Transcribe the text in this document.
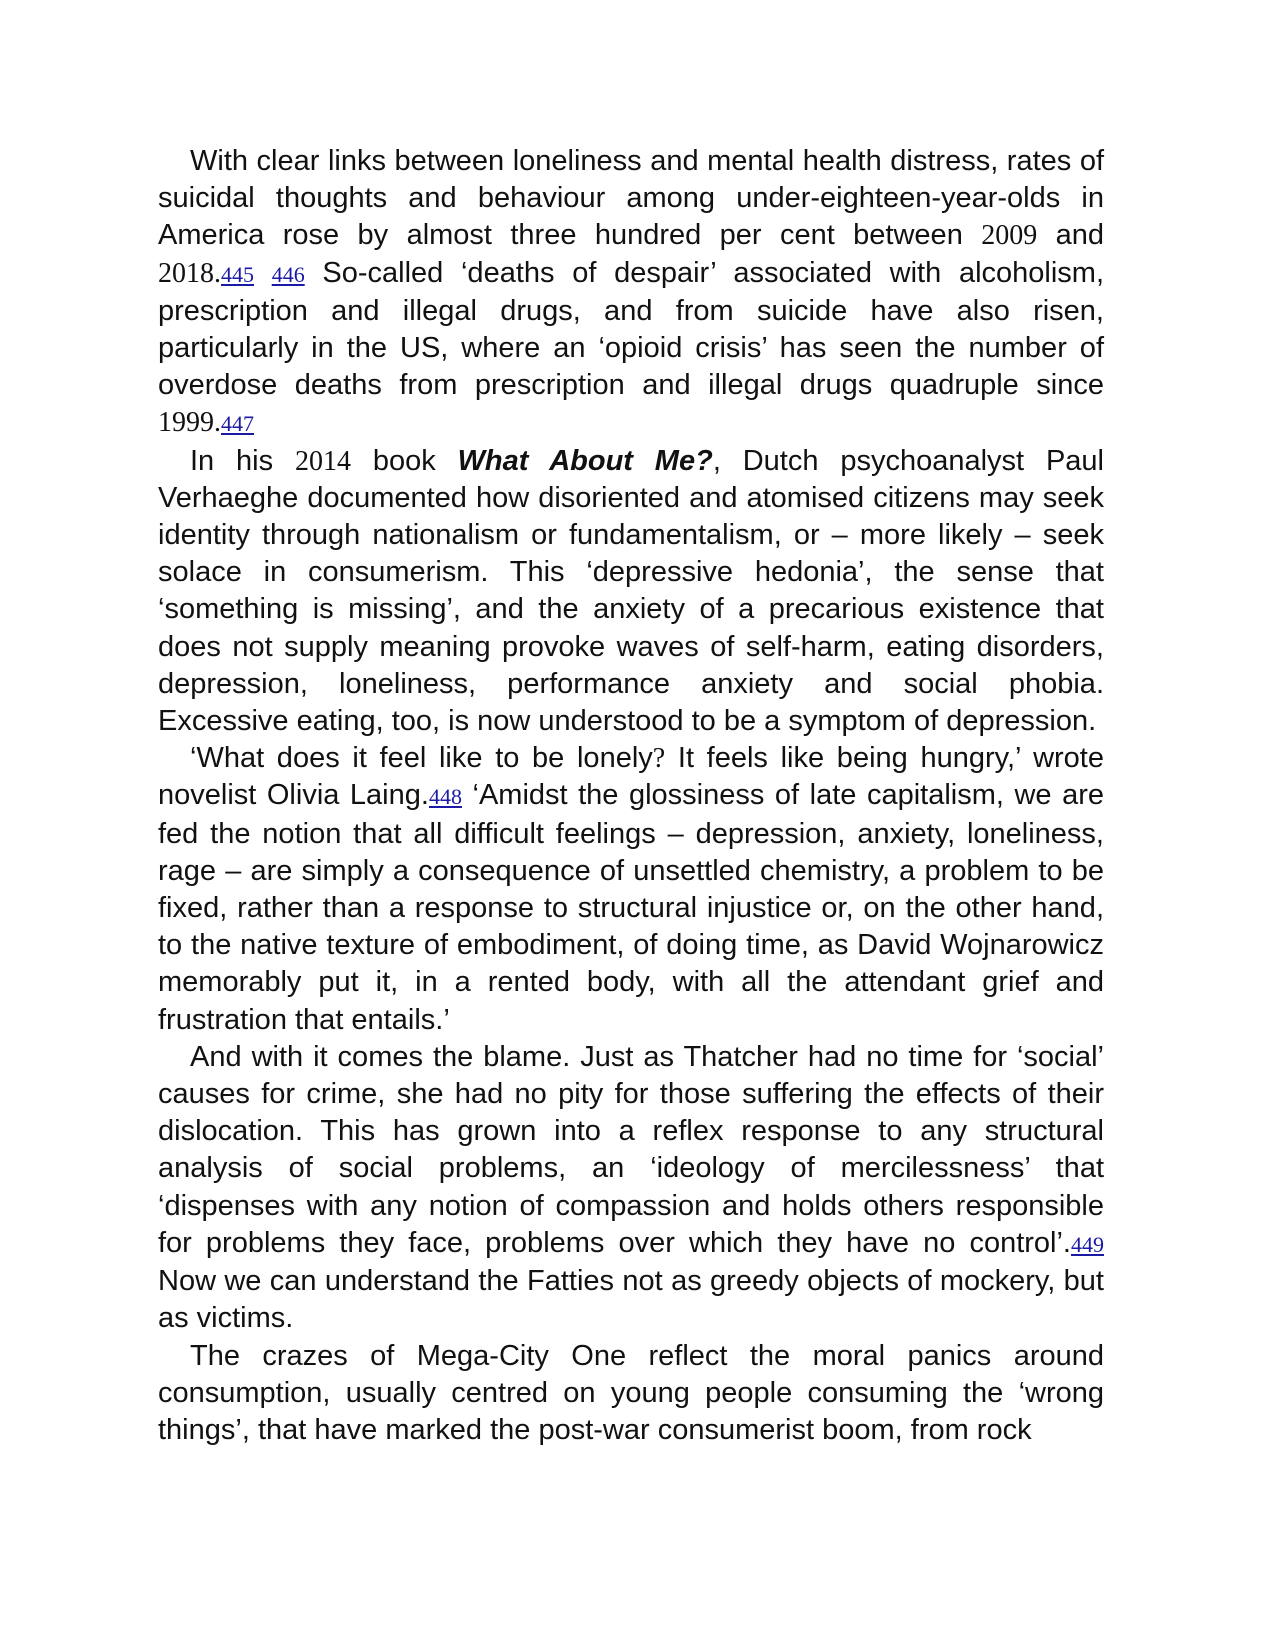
With clear links between loneliness and mental health distress, rates of suicidal thoughts and behaviour among under-eighteen-year-olds in America rose by almost three hundred per cent between 2009 and 2018.445 446 So-called ‘deaths of despair’ associated with alcoholism, prescription and illegal drugs, and from suicide have also risen, particularly in the US, where an ‘opioid crisis’ has seen the number of overdose deaths from prescription and illegal drugs quadruple since 1999.447

In his 2014 book What About Me?, Dutch psychoanalyst Paul Verhaeghe documented how disoriented and atomised citizens may seek identity through nationalism or fundamentalism, or – more likely – seek solace in consumerism. This ‘depressive hedonia’, the sense that ‘something is missing’, and the anxiety of a precarious existence that does not supply meaning provoke waves of self-harm, eating disorders, depression, loneliness, performance anxiety and social phobia. Excessive eating, too, is now understood to be a symptom of depression.

‘What does it feel like to be lonely? It feels like being hungry,’ wrote novelist Olivia Laing.448 ‘Amidst the glossiness of late capitalism, we are fed the notion that all difficult feelings – depression, anxiety, loneliness, rage – are simply a consequence of unsettled chemistry, a problem to be fixed, rather than a response to structural injustice or, on the other hand, to the native texture of embodiment, of doing time, as David Wojnarowicz memorably put it, in a rented body, with all the attendant grief and frustration that entails.’

And with it comes the blame. Just as Thatcher had no time for ‘social’ causes for crime, she had no pity for those suffering the effects of their dislocation. This has grown into a reflex response to any structural analysis of social problems, an ‘ideology of mercilessness’ that ‘dispenses with any notion of compassion and holds others responsible for problems they face, problems over which they have no control’.449 Now we can understand the Fatties not as greedy objects of mockery, but as victims.

The crazes of Mega-City One reflect the moral panics around consumption, usually centred on young people consuming the ‘wrong things’, that have marked the post-war consumerist boom, from rock
